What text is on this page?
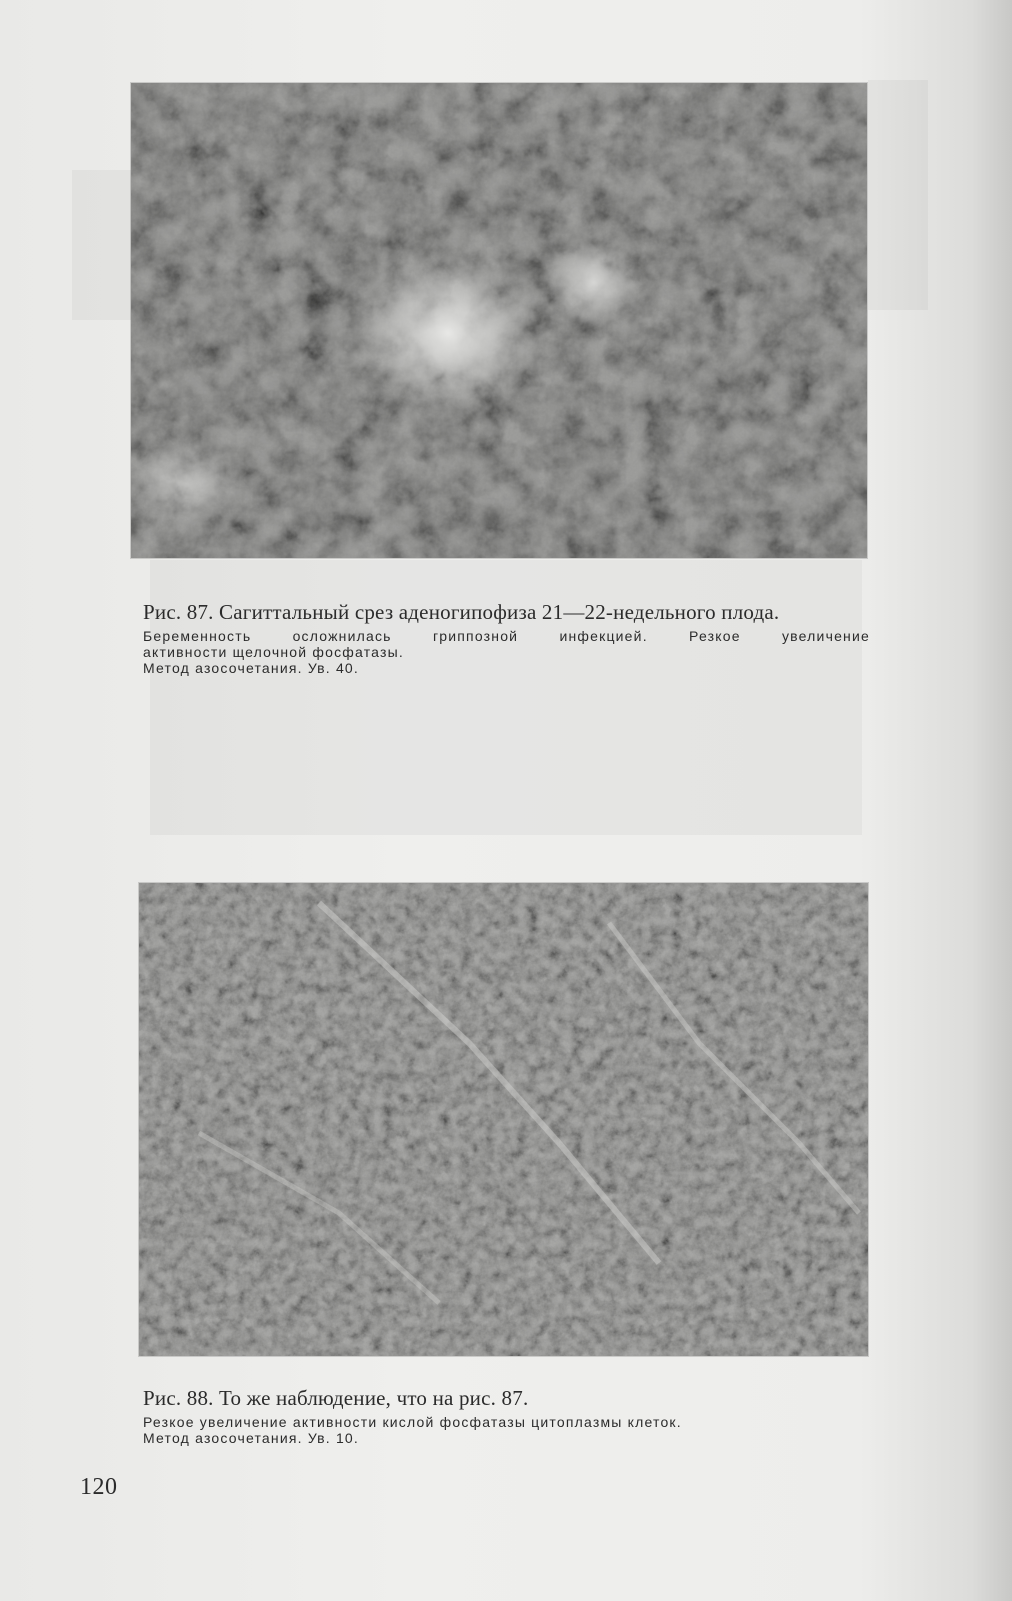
Рис. 87. Сагиттальный срез аденогипофиза 21—22-недельного плода.
Беременность осложнилась гриппозной инфекцией. Резкое увеличение
активности щелочной фосфатазы.
Метод азосочетания. Ув. 40.
Рис. 88. То же наблюдение, что на рис. 87.
Резкое увеличение активности кислой фосфатазы цитоплазмы клеток.
Метод азосочетания. Ув. 10.
120
